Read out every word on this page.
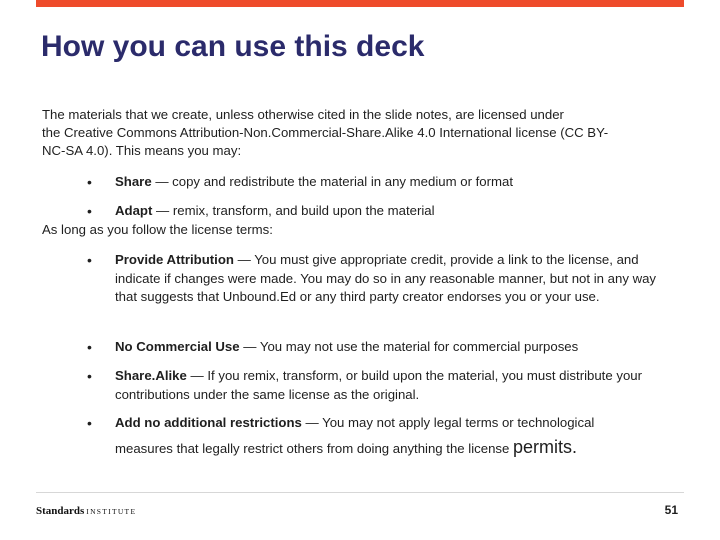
How you can use this deck

The materials that we create, unless otherwise cited in the slide notes, are licensed under
the Creative Commons Attribution-Non.Commercial-Share.Alike 4.0 International license (CC BY-
NC-SA 4.0). This means you may:

• Share — copy and redistribute the material in any medium or format
• Adapt — remix, transform, and build upon the material
As long as you follow the license terms:
• Provide Attribution — You must give appropriate credit, provide a link to the license, and indicate if changes were made. You may do so in any reasonable manner, but not in any way that suggests that Unbound.Ed or any third party creator endorses you or your use.
• No Commercial Use — You may not use the material for commercial purposes
• Share.Alike — If you remix, transform, or build upon the material, you must distribute your contributions under the same license as the original.
• Add no additional restrictions — You may not apply legal terms or technological
measures that legally restrict others from doing anything the license permits.
Standards INSTITUTE	51
